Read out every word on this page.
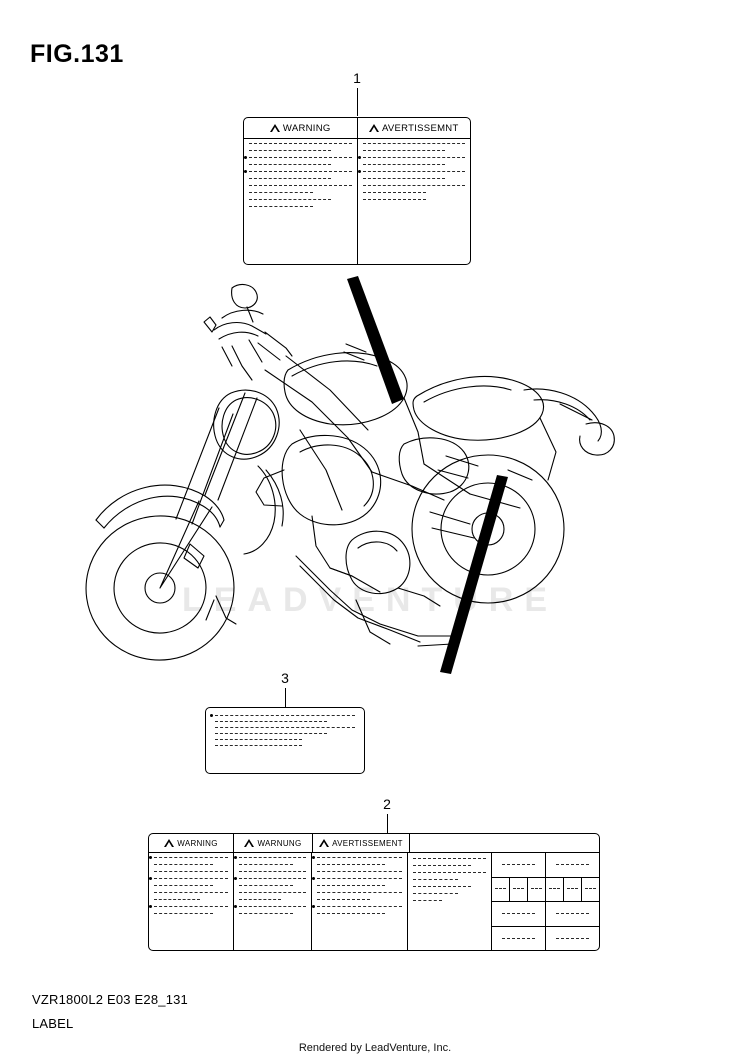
FIG.131
LEADVENTURE
1
WARNING	AVERTISSEMNT
3
2
WARNING	WARNUNG	AVERTISSEMENT
VZR1800L2 E03 E28_131
LABEL
Rendered by LeadVenture, Inc.
